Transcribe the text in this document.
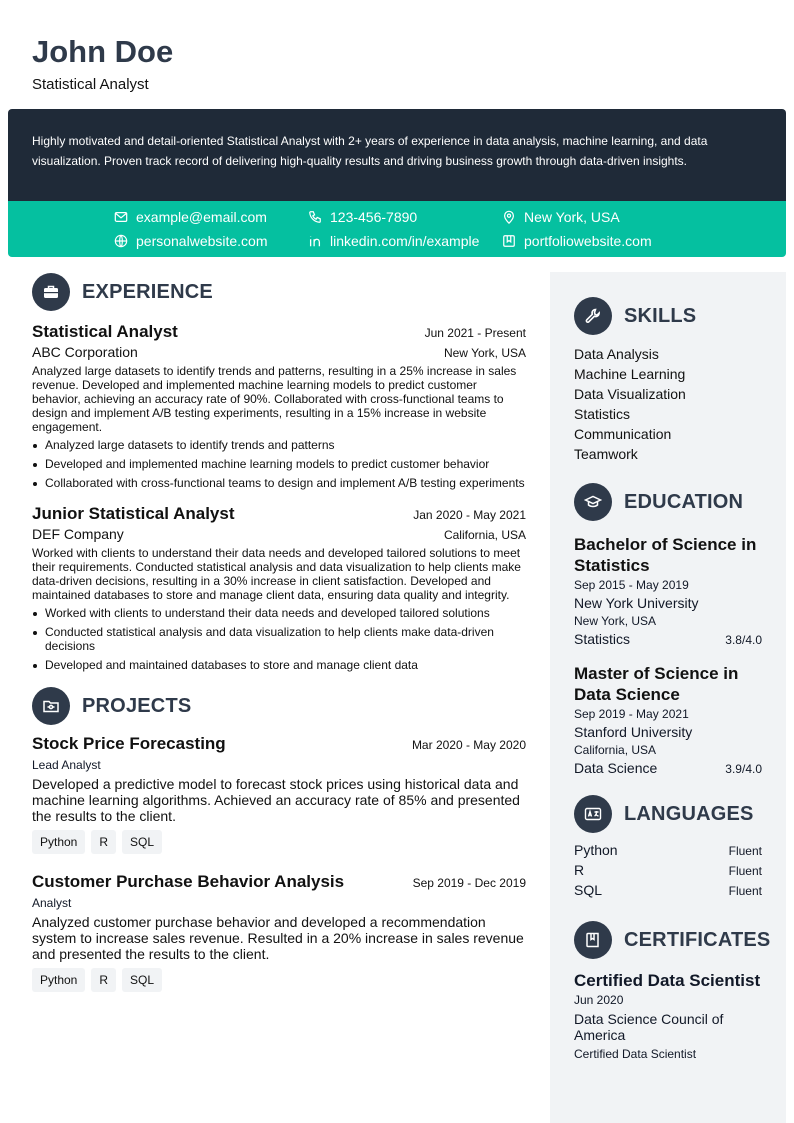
John Doe
Statistical Analyst
Highly motivated and detail-oriented Statistical Analyst with 2+ years of experience in data analysis, machine learning, and data visualization. Proven track record of delivering high-quality results and driving business growth through data-driven insights.
example@email.com	123-456-7890	New York, USA
personalwebsite.com	linkedin.com/in/example	portfoliowebsite.com
EXPERIENCE
Statistical Analyst	Jun 2021 - Present
ABC Corporation	New York, USA
Analyzed large datasets to identify trends and patterns, resulting in a 25% increase in sales revenue. Developed and implemented machine learning models to predict customer behavior, achieving an accuracy rate of 90%. Collaborated with cross-functional teams to design and implement A/B testing experiments, resulting in a 15% increase in website engagement.
Analyzed large datasets to identify trends and patterns
Developed and implemented machine learning models to predict customer behavior
Collaborated with cross-functional teams to design and implement A/B testing experiments
Junior Statistical Analyst	Jan 2020 - May 2021
DEF Company	California, USA
Worked with clients to understand their data needs and developed tailored solutions to meet their requirements. Conducted statistical analysis and data visualization to help clients make data-driven decisions, resulting in a 30% increase in client satisfaction. Developed and maintained databases to store and manage client data, ensuring data quality and integrity.
Worked with clients to understand their data needs and developed tailored solutions
Conducted statistical analysis and data visualization to help clients make data-driven decisions
Developed and maintained databases to store and manage client data
PROJECTS
Stock Price Forecasting	Mar 2020 - May 2020
Lead Analyst
Developed a predictive model to forecast stock prices using historical data and machine learning algorithms. Achieved an accuracy rate of 85% and presented the results to the client.
Python	R	SQL
Customer Purchase Behavior Analysis	Sep 2019 - Dec 2019
Analyst
Analyzed customer purchase behavior and developed a recommendation system to increase sales revenue. Resulted in a 20% increase in sales revenue and presented the results to the client.
Python	R	SQL
SKILLS
Data Analysis
Machine Learning
Data Visualization
Statistics
Communication
Teamwork
EDUCATION
Bachelor of Science in Statistics
Sep 2015 - May 2019
New York University
New York, USA
Statistics	3.8/4.0
Master of Science in Data Science
Sep 2019 - May 2021
Stanford University
California, USA
Data Science	3.9/4.0
LANGUAGES
Python	Fluent
R	Fluent
SQL	Fluent
CERTIFICATES
Certified Data Scientist
Jun 2020
Data Science Council of America
Certified Data Scientist
